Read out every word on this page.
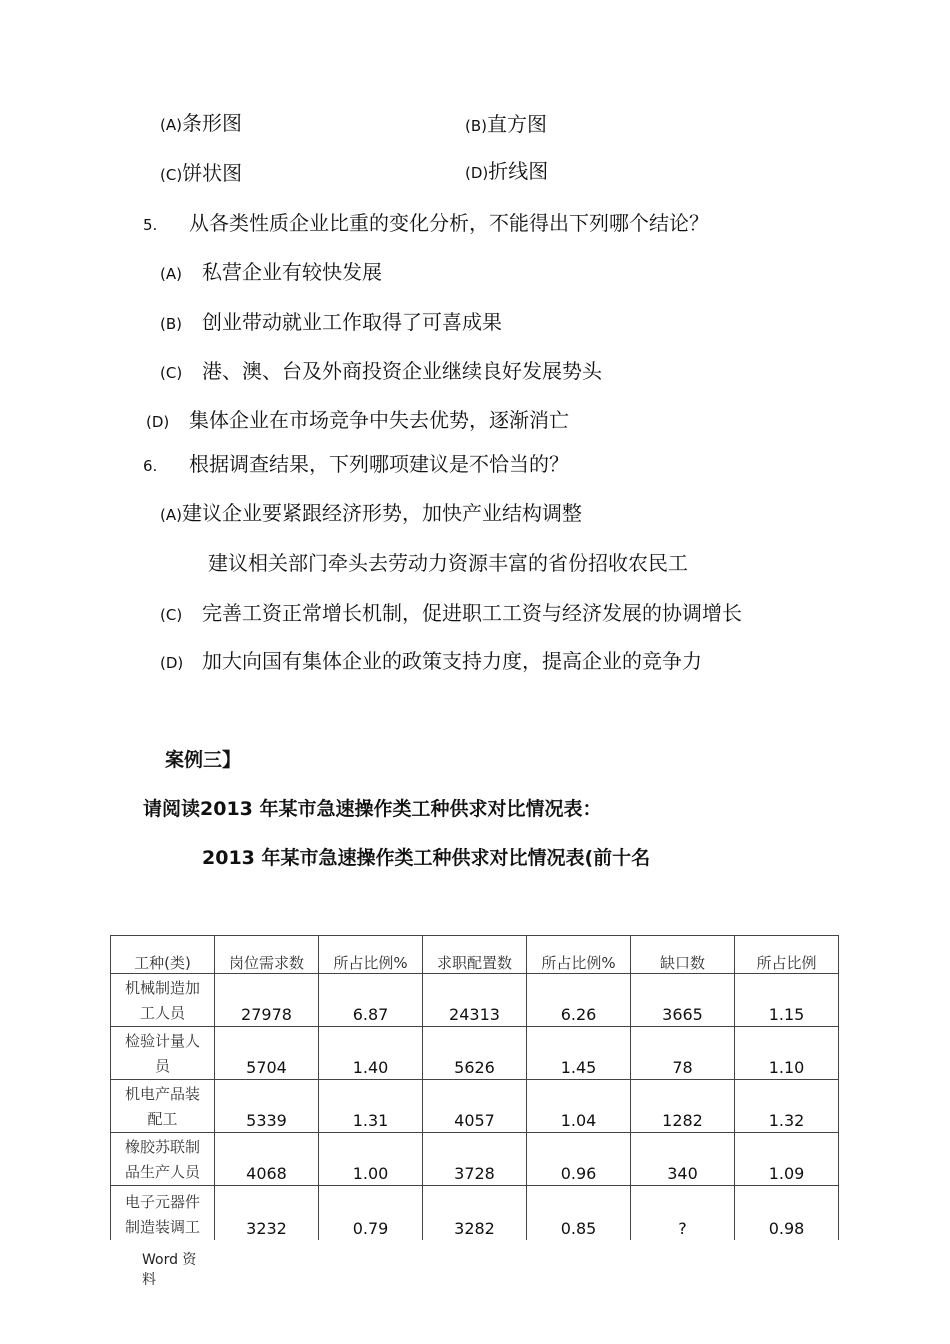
(A)条形图	(B)直方图
(C)饼状图	(D)折线图
5. 从各类性质企业比重的变化分析，不能得出下列哪个结论？
(A) 私营企业有较快发展
(B) 创业带动就业工作取得了可喜成果
(C) 港、澳、台及外商投资企业继续良好发展势头
(D) 集体企业在市场竞争中失去优势，逐渐消亡
6. 根据调查结果，下列哪项建议是不恰当的？
(A)建议企业要紧跟经济形势，加快产业结构调整
建议相关部门牵头去劳动力资源丰富的省份招收农民工
(C) 完善工资正常增长机制，促进职工工资与经济发展的协调增长
(D) 加大向国有集体企业的政策支持力度，提高企业的竞争力
案例三】
请阅读2013 年某市急速操作类工种供求对比情况表：
2013 年某市急速操作类工种供求对比情况表(前十名
工种(类)	岗位需求数	所占比例%	求职配置数	所占比例%	缺口数	所占比例

机械制造加
工人员	27978	6.87	24313	6.26	3665	1.15

检验计量人
员	5704	1.40	5626	1.45	78	1.10

机电产品装
配工	5339	1.31	4057	1.04	1282	1.32

橡胶苏联制
品生产人员	4068	1.00	3728	0.96	340	1.09

电子元器件
制造装调工	3232	0.79	3282	0.85	?	0.98
Word 资
料
